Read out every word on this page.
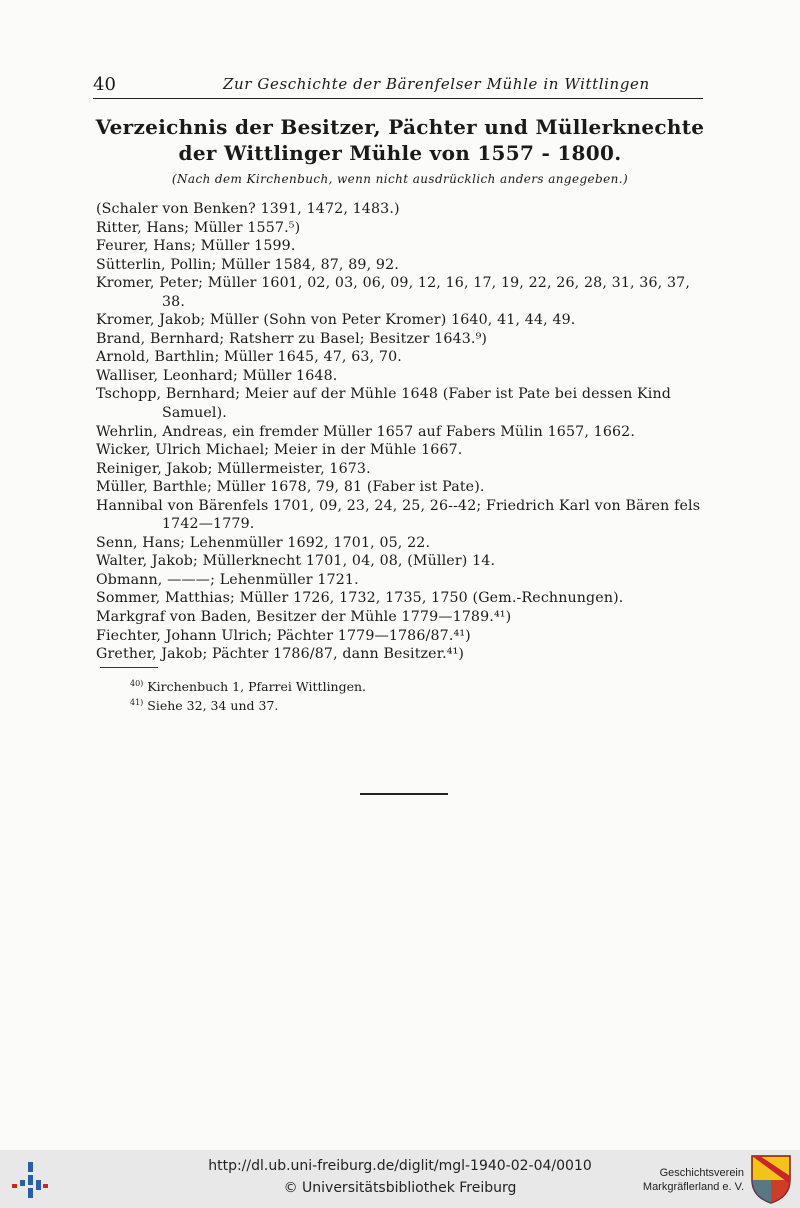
40	Zur Geschichte der Bärenfelser Mühle in Wittlingen
Verzeichnis der Besitzer, Pächter und Müllerknechte
der Wittlinger Mühle von 1557 - 1800.
(Nach dem Kirchenbuch, wenn nicht ausdrücklich anders angegeben.)
(Schaler von Benken? 1391, 1472, 1483.)
Ritter, Hans; Müller 1557.⁵)
Feurer, Hans; Müller 1599.
Sütterlin, Pollin; Müller 1584, 87, 89, 92.
Kromer, Peter; Müller 1601, 02, 03, 06, 09, 12, 16, 17, 19, 22, 26, 28, 31, 36, 37, 38.
Kromer, Jakob; Müller (Sohn von Peter Kromer) 1640, 41, 44, 49.
Brand, Bernhard; Ratsherr zu Basel; Besitzer 1643.⁹)
Arnold, Barthlin; Müller 1645, 47, 63, 70.
Walliser, Leonhard; Müller 1648.
Tschopp, Bernhard; Meier auf der Mühle 1648 (Faber ist Pate bei dessen Kind Samuel).
Wehrlin, Andreas, ein fremder Müller 1657 auf Fabers Mülin 1657, 1662.
Wicker, Ulrich Michael; Meier in der Mühle 1667.
Reiniger, Jakob; Müllermeister, 1673.
Müller, Barthle; Müller 1678, 79, 81 (Faber ist Pate).
Hannibal von Bärenfels 1701, 09, 23, 24, 25, 26--42; Friedrich Karl von Bären fels 1742—1779.
Senn, Hans; Lehenmüller 1692, 1701, 05, 22.
Walter, Jakob; Müllerknecht 1701, 04, 08, (Müller) 14.
Obmann, ———; Lehenmüller 1721.
Sommer, Matthias; Müller 1726, 1732, 1735, 1750 (Gem.-Rechnungen).
Markgraf von Baden, Besitzer der Mühle 1779—1789.⁴¹)
Fiechter, Johann Ulrich; Pächter 1779—1786/87.⁴¹)
Grether, Jakob; Pächter 1786/87, dann Besitzer.⁴¹)
$^{40)}$ Kirchenbuch 1, Pfarrei Wittlingen.
$^{41)}$ Siehe 32, 34 und 37.
http://dl.ub.uni-freiburg.de/diglit/mgl-1940-02-04/0010
© Universitätsbibliothek Freiburg
Geschichtsverein
Markgräflerland e. V.
